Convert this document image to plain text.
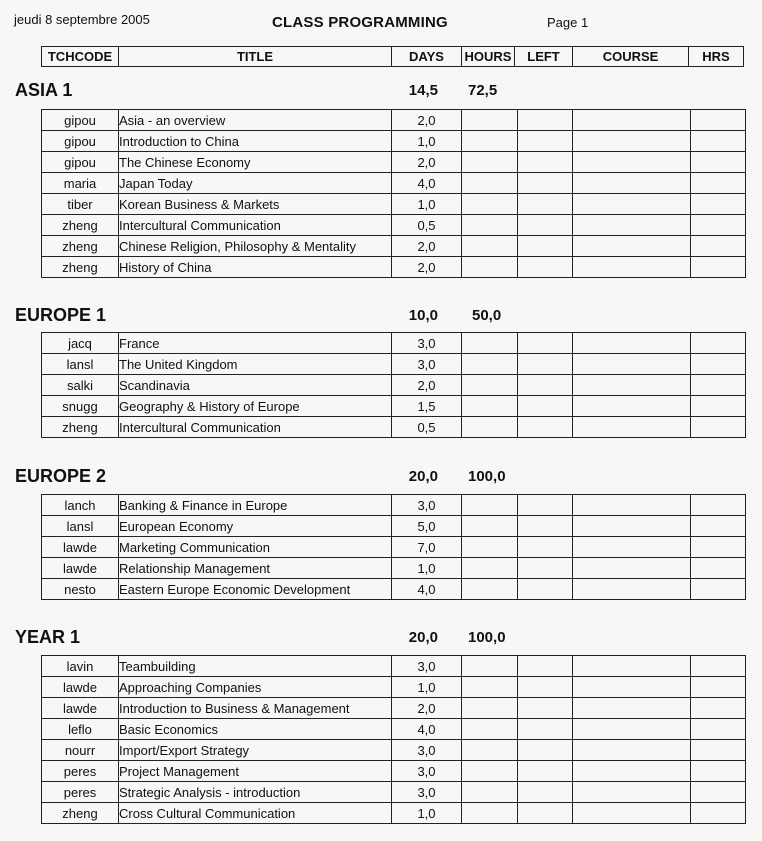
jeudi 8 septembre 2005	CLASS PROGRAMMING	Page 1
TCHCODE	TITLE	DAYS	HOURS	LEFT	COURSE	HRS
ASIA 1	14,5 72,5
gipou	Asia - an overview	2,0				
gipou	Introduction to China	1,0				
gipou	The Chinese Economy	2,0				
maria	Japan Today	4,0				
tiber	Korean Business & Markets	1,0				
zheng	Intercultural Communication	0,5				
zheng	Chinese Religion, Philosophy & Mentality	2,0				
zheng	History of China	2,0				
EUROPE 1	10,0 50,0
jacq	France	3,0				
lansl	The United Kingdom	3,0				
salki	Scandinavia	2,0				
snugg	Geography & History of Europe	1,5				
zheng	Intercultural Communication	0,5				
EUROPE 2	20,0 100,0
lanch	Banking & Finance in Europe	3,0				
lansl	European Economy	5,0				
lawde	Marketing Communication	7,0				
lawde	Relationship Management	1,0				
nesto	Eastern Europe Economic Development	4,0				
YEAR 1	20,0 100,0
lavin	Teambuilding	3,0				
lawde	Approaching Companies	1,0				
lawde	Introduction to Business & Management	2,0				
leflo	Basic Economics	4,0				
nourr	Import/Export Strategy	3,0				
peres	Project Management	3,0				
peres	Strategic Analysis - introduction	3,0				
zheng	Cross Cultural Communication	1,0				
